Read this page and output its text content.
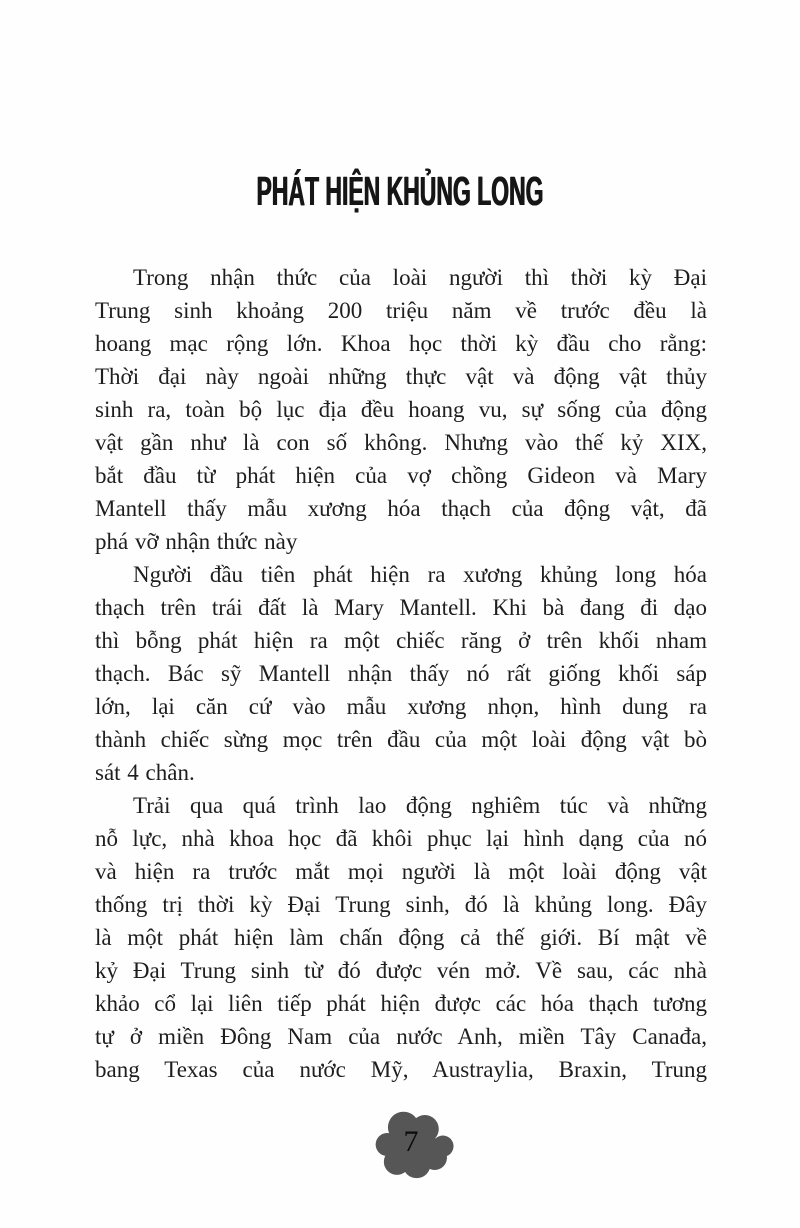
PHÁT HIỆN KHỦNG LONG
Trong nhận thức của loài người thì thời kỳ Đại
Trung sinh khoảng 200 triệu năm về trước đều là
hoang mạc rộng lớn. Khoa học thời kỳ đầu cho rằng:
Thời đại này ngoài những thực vật và động vật thủy
sinh ra, toàn bộ lục địa đều hoang vu, sự sống của động
vật gần như là con số không. Nhưng vào thế kỷ XIX,
bắt đầu từ phát hiện của vợ chồng Gideon và Mary
Mantell thấy mẫu xương hóa thạch của động vật, đã
phá vỡ nhận thức này
Người đầu tiên phát hiện ra xương khủng long hóa
thạch trên trái đất là Mary Mantell. Khi bà đang đi dạo
thì bỗng phát hiện ra một chiếc răng ở trên khối nham
thạch. Bác sỹ Mantell nhận thấy nó rất giống khối sáp
lớn, lại căn cứ vào mẫu xương nhọn, hình dung ra
thành chiếc sừng mọc trên đầu của một loài động vật bò
sát 4 chân.
Trải qua quá trình lao động nghiêm túc và những
nỗ lực, nhà khoa học đã khôi phục lại hình dạng của nó
và hiện ra trước mắt mọi người là một loài động vật
thống trị thời kỳ Đại Trung sinh, đó là khủng long. Đây
là một phát hiện làm chấn động cả thế giới. Bí mật về
kỷ Đại Trung sinh từ đó được vén mở. Về sau, các nhà
khảo cổ lại liên tiếp phát hiện được các hóa thạch tương
tự ở miền Đông Nam của nước Anh, miền Tây Canađa,
bang Texas của nước Mỹ, Austraylia, Braxin, Trung
7
